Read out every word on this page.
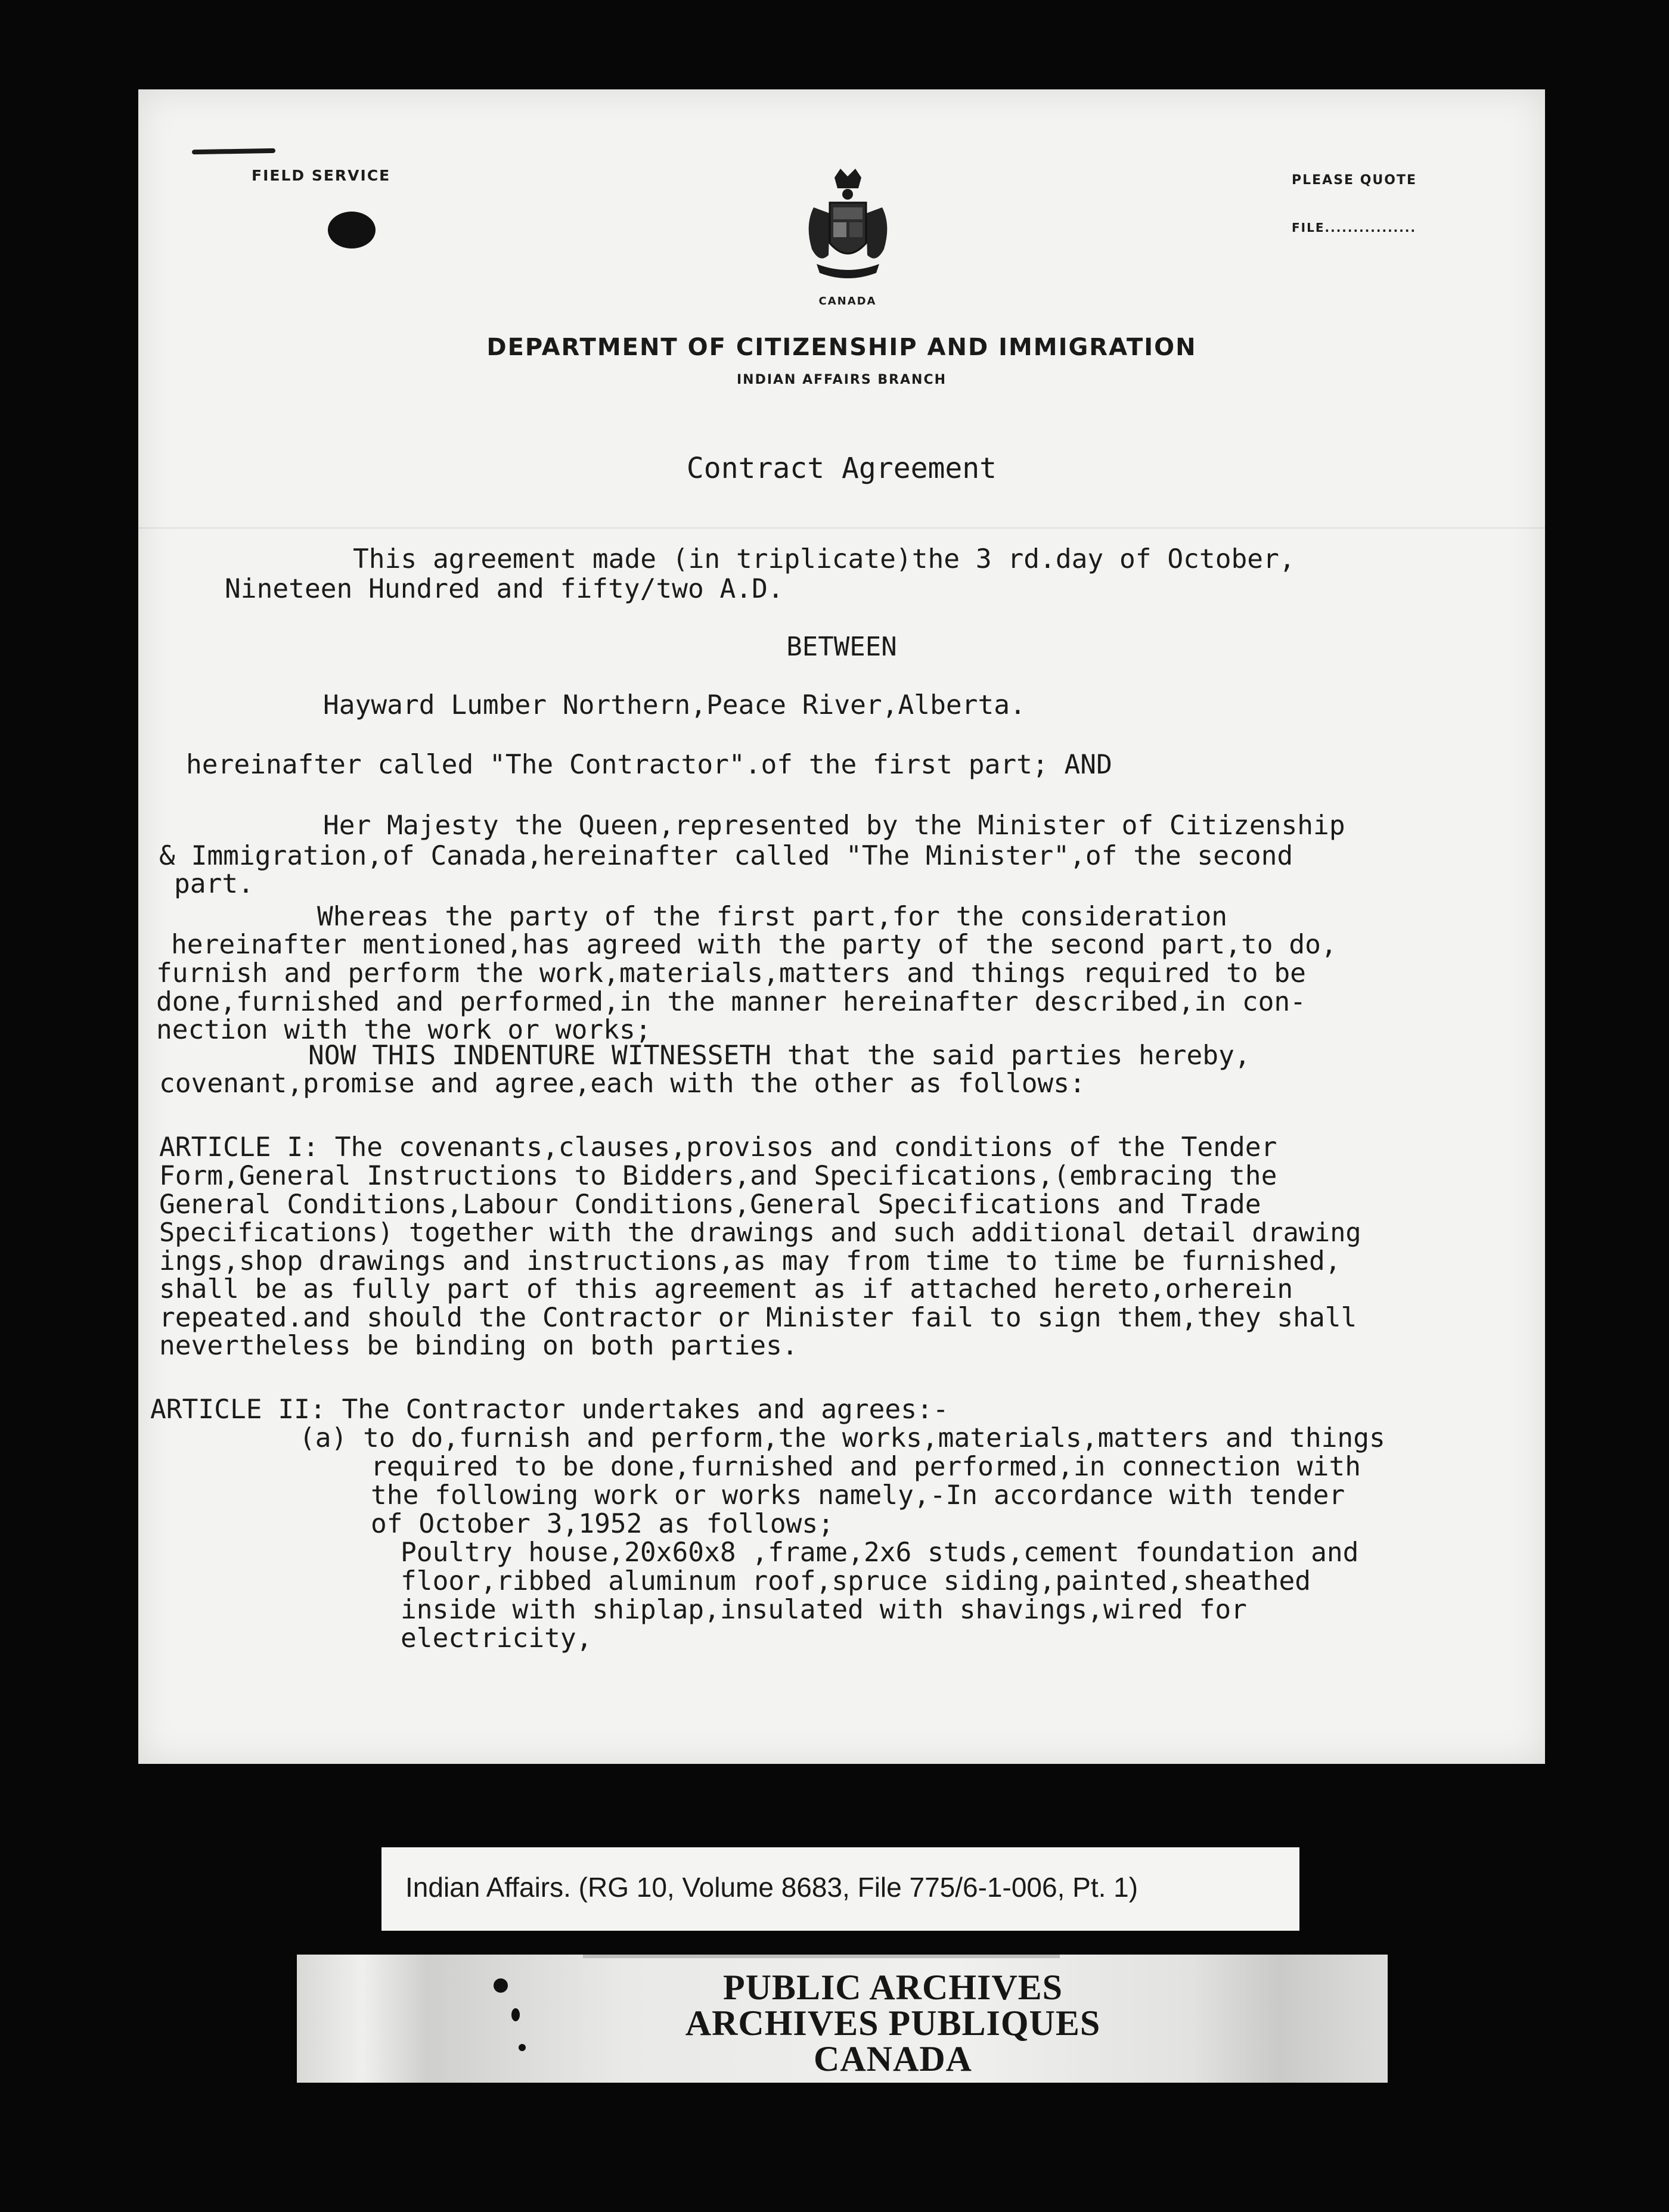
FIELD SERVICE	PLEASE QUOTE
FILE................
CANADA
DEPARTMENT OF CITIZENSHIP AND IMMIGRATION
INDIAN AFFAIRS BRANCH
Contract Agreement
This agreement made (in triplicate)the 3 rd.day of October,
Nineteen Hundred and fifty/two A.D.
BETWEEN
Hayward Lumber Northern,Peace River,Alberta.
hereinafter called "The Contractor".of the first part; AND
Her Majesty the Queen,represented by the Minister of Citizenship
& Immigration,of Canada,hereinafter called "The Minister",of the second
part.
Whereas the party of the first part,for the consideration
hereinafter mentioned,has agreed with the party of the second part,to do,
furnish and perform the work,materials,matters and things required to be
done,furnished and performed,in the manner hereinafter described,in con-
nection with the work or works;
NOW THIS INDENTURE WITNESSETH that the said parties hereby,
covenant,promise and agree,each with the other as follows:
ARTICLE I: The covenants,clauses,provisos and conditions of the Tender
Form,General Instructions to Bidders,and Specifications,(embracing the
General Conditions,Labour Conditions,General Specifications and Trade
Specifications) together with the drawings and such additional detail drawing
ings,shop drawings and instructions,as may from time to time be furnished,
shall be as fully part of this agreement as if attached hereto,orherein
repeated.and should the Contractor or Minister fail to sign them,they shall
nevertheless be binding on both parties.
ARTICLE II: The Contractor undertakes and agrees:-
(a) to do,furnish and perform,the works,materials,matters and things
required to be done,furnished and performed,in connection with
the following work or works namely,-In accordance with tender
of October 3,1952 as follows;
Poultry house,20x60x8 ,frame,2x6 studs,cement foundation and
floor,ribbed aluminum roof,spruce siding,painted,sheathed
inside with shiplap,insulated with shavings,wired for
electricity,
Indian Affairs. (RG 10, Volume 8683, File 775/6-1-006, Pt. 1)
PUBLIC ARCHIVES
ARCHIVES PUBLIQUES
CANADA
